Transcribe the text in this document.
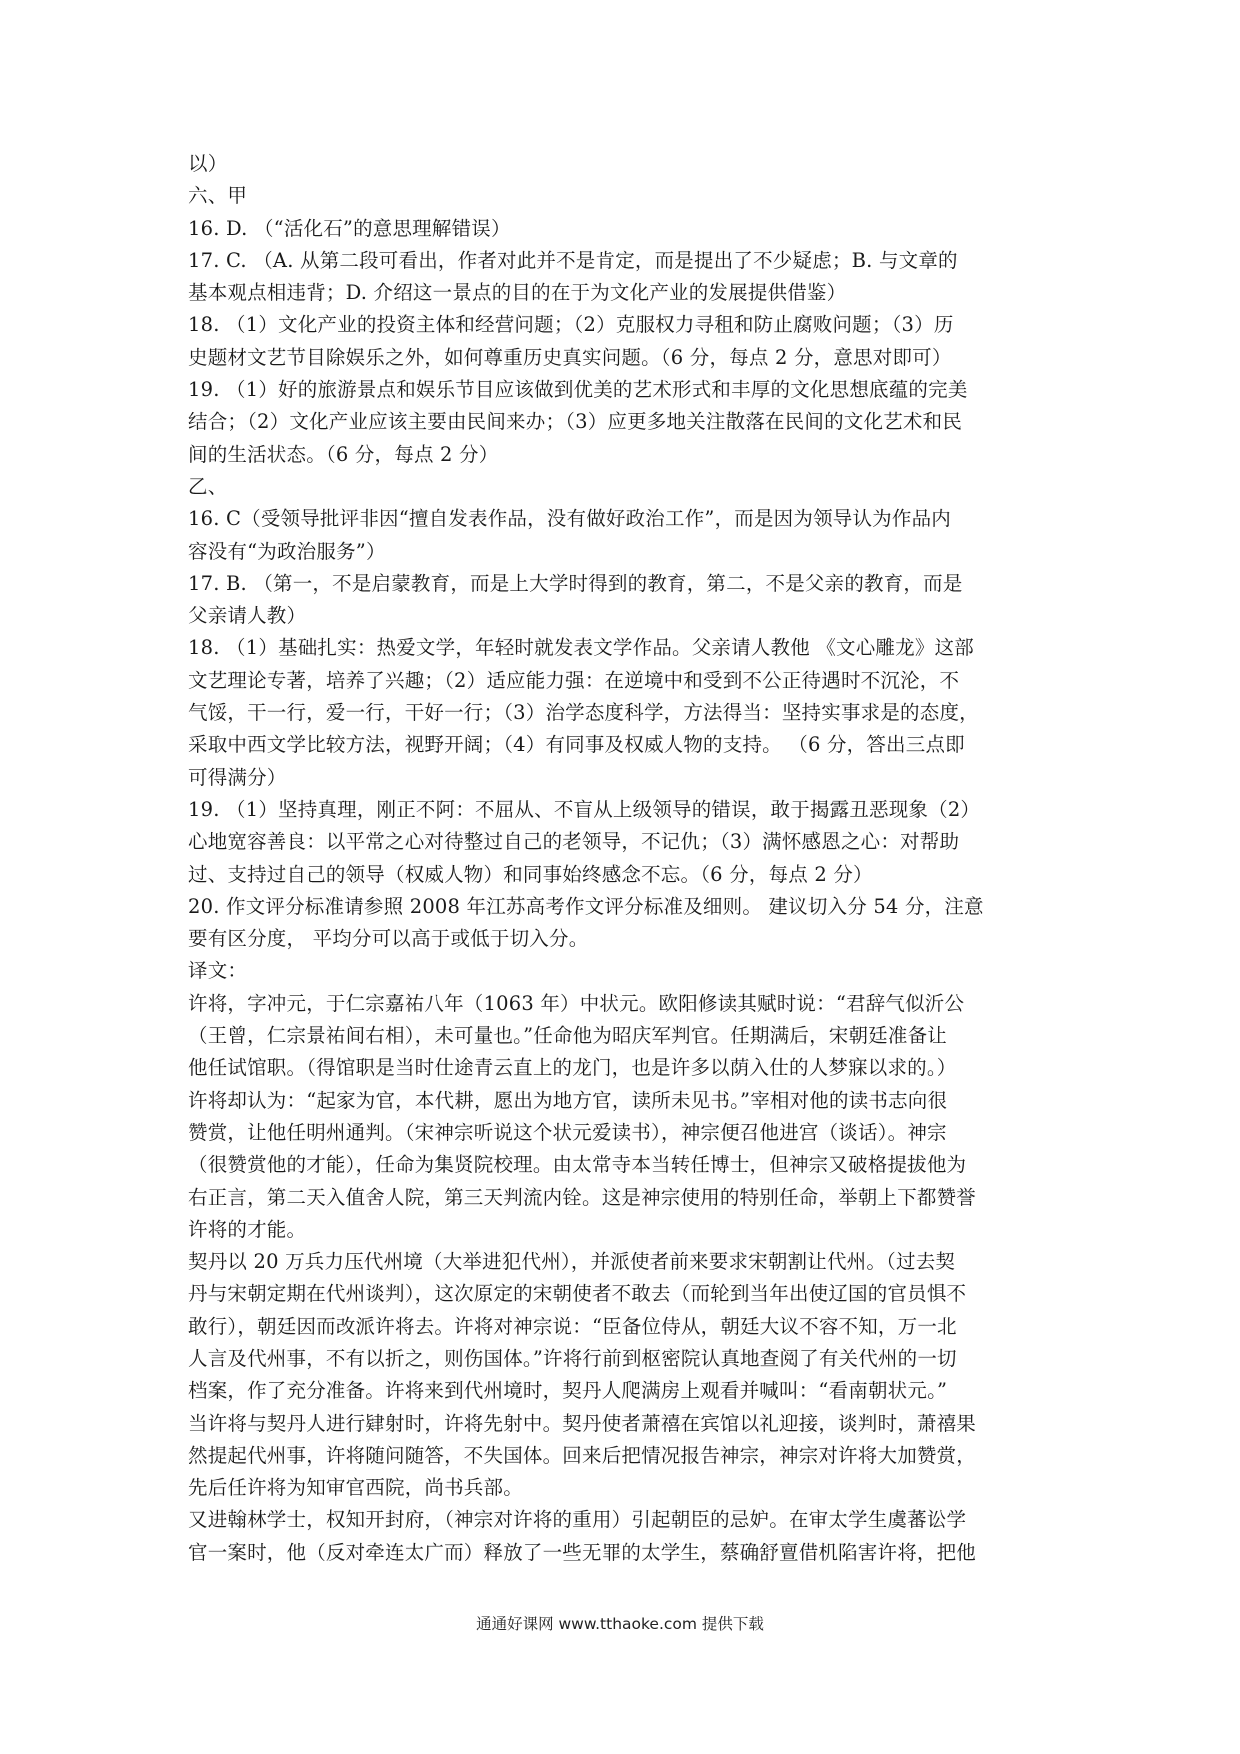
以）
六、甲
16. D. （“活化石”的意思理解错误）
17. C. （A. 从第二段可看出，作者对此并不是肯定，而是提出了不少疑虑；B. 与文章的
基本观点相违背；D. 介绍这一景点的目的在于为文化产业的发展提供借鉴）
18. （1）文化产业的投资主体和经营问题；（2）克服权力寻租和防止腐败问题；（3）历
史题材文艺节目除娱乐之外，如何尊重历史真实问题。（6 分，每点 2 分，意思对即可）
19. （1）好的旅游景点和娱乐节目应该做到优美的艺术形式和丰厚的文化思想底蕴的完美
结合；（2）文化产业应该主要由民间来办；（3）应更多地关注散落在民间的文化艺术和民
间的生活状态。（6 分，每点 2 分）
乙、
16. C（受领导批评非因“擅自发表作品，没有做好政治工作”，而是因为领导认为作品内
容没有“为政治服务”）
17. B. （第一，不是启蒙教育，而是上大学时得到的教育，第二，不是父亲的教育，而是
父亲请人教）
18. （1）基础扎实：热爱文学，年轻时就发表文学作品。父亲请人教他 《文心雕龙》这部
文艺理论专著，培养了兴趣；（2）适应能力强：在逆境中和受到不公正待遇时不沉沦，不
气馁，干一行，爱一行，干好一行；（3）治学态度科学，方法得当：坚持实事求是的态度，
采取中西文学比较方法，视野开阔；（4）有同事及权威人物的支持。 （6 分，答出三点即
可得满分）
19. （1）坚持真理，刚正不阿：不屈从、不盲从上级领导的错误，敢于揭露丑恶现象（2）
心地宽容善良：以平常之心对待整过自己的老领导，不记仇；（3）满怀感恩之心：对帮助
过、支持过自己的领导（权威人物）和同事始终感念不忘。（6 分，每点 2 分）
20. 作文评分标准请参照 2008 年江苏高考作文评分标准及细则。 建议切入分 54 分，注意
要有区分度， 平均分可以高于或低于切入分。
译文：
许将，字冲元，于仁宗嘉祐八年（1063 年）中状元。欧阳修读其赋时说：“君辞气似沂公
（王曾，仁宗景祐间右相），未可量也。”任命他为昭庆军判官。任期满后，宋朝廷准备让
他任试馆职。（得馆职是当时仕途青云直上的龙门，也是许多以荫入仕的人梦寐以求的。）
许将却认为：“起家为官，本代耕，愿出为地方官，读所未见书。”宰相对他的读书志向很
赞赏，让他任明州通判。（宋神宗听说这个状元爱读书），神宗便召他进宫（谈话）。神宗
（很赞赏他的才能），任命为集贤院校理。由太常寺本当转任博士，但神宗又破格提拔他为
右正言，第二天入值舍人院，第三天判流内铨。这是神宗使用的特别任命，举朝上下都赞誉
许将的才能。
契丹以 20 万兵力压代州境（大举进犯代州），并派使者前来要求宋朝割让代州。（过去契
丹与宋朝定期在代州谈判），这次原定的宋朝使者不敢去（而轮到当年出使辽国的官员惧不
敢行），朝廷因而改派许将去。许将对神宗说：“臣备位侍从，朝廷大议不容不知，万一北
人言及代州事，不有以折之，则伤国体。”许将行前到枢密院认真地查阅了有关代州的一切
档案，作了充分准备。许将来到代州境时，契丹人爬满房上观看并喊叫：“看南朝状元。”
当许将与契丹人进行肄射时，许将先射中。契丹使者萧禧在宾馆以礼迎接，谈判时，萧禧果
然提起代州事，许将随问随答，不失国体。回来后把情况报告神宗，神宗对许将大加赞赏，
先后任许将为知审官西院，尚书兵部。
又进翰林学士，权知开封府，（神宗对许将的重用）引起朝臣的忌妒。在审太学生虞蕃讼学
官一案时，他（反对牵连太广而）释放了一些无罪的太学生，蔡确舒亶借机陷害许将，把他
通通好课网 www.tthaoke.com 提供下载
